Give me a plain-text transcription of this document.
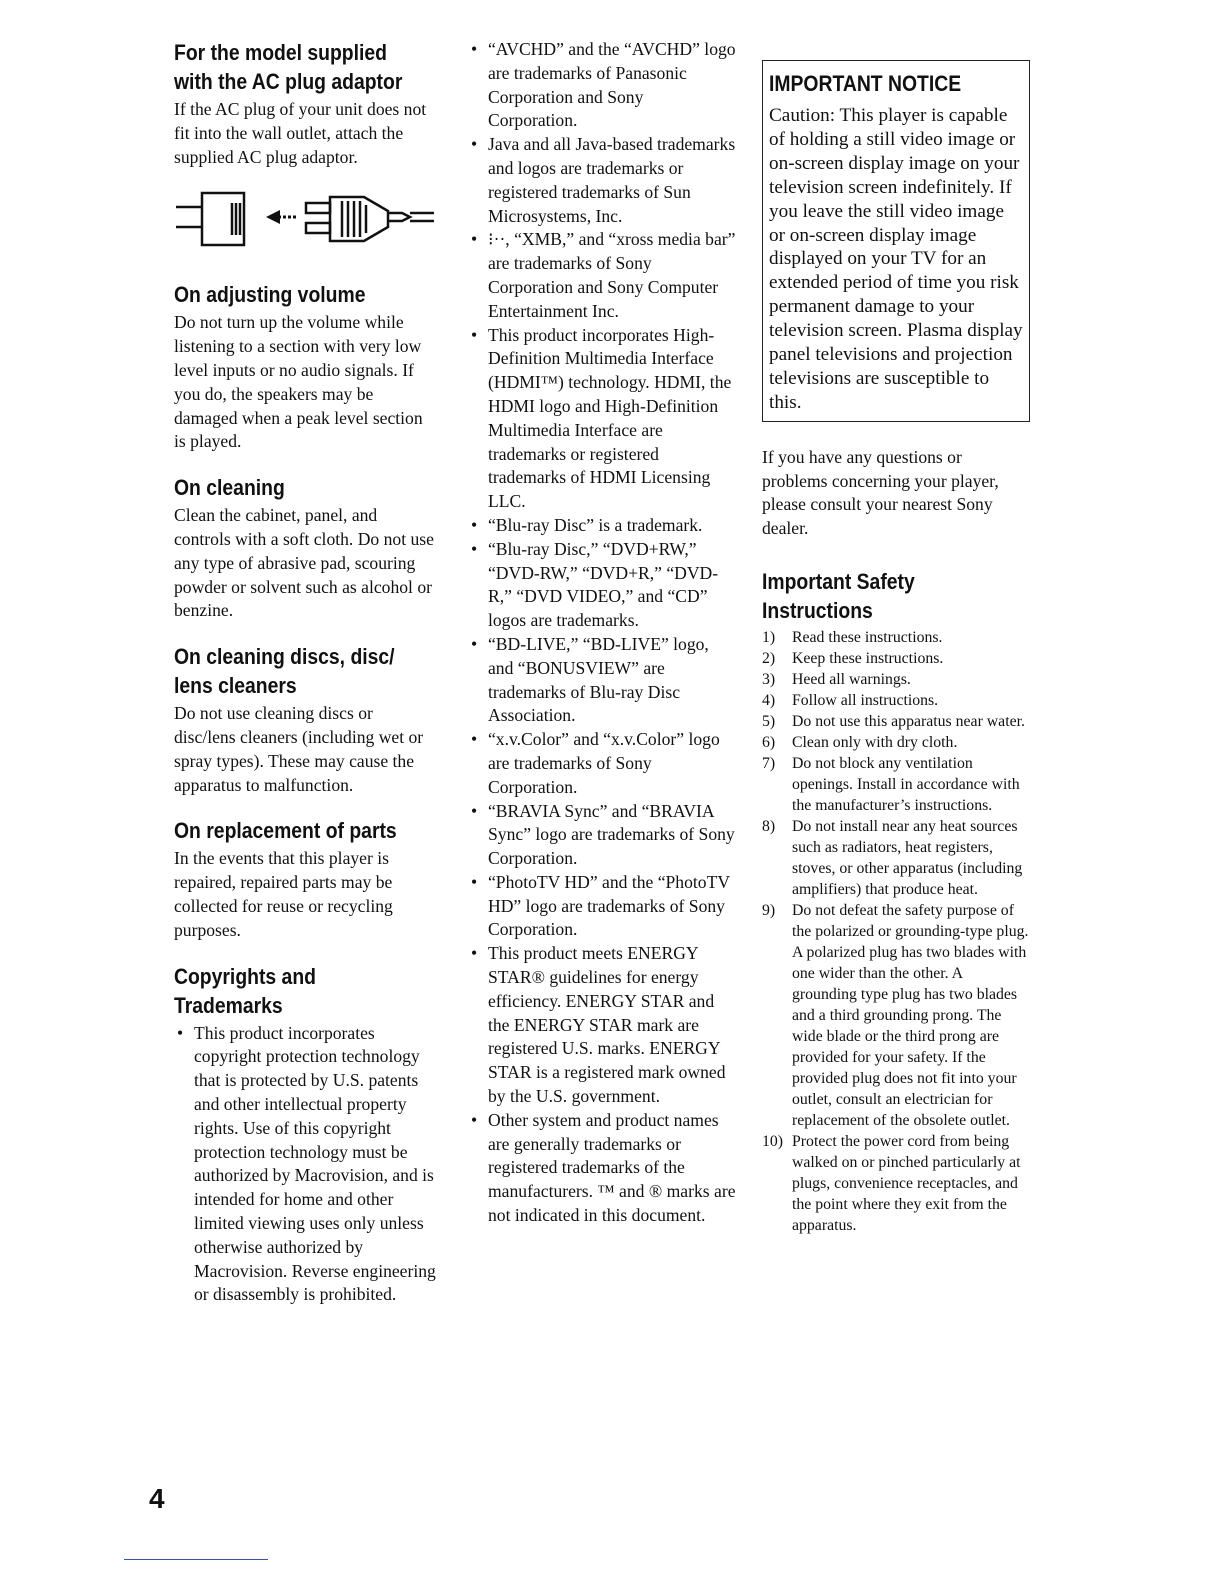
For the model supplied with the AC plug adaptor

If the AC plug of your unit does not fit into the wall outlet, attach the supplied AC plug adaptor.

On adjusting volume

Do not turn up the volume while listening to a section with very low level inputs or no audio signals. If you do, the speakers may be damaged when a peak level section is played.

On cleaning

Clean the cabinet, panel, and controls with a soft cloth. Do not use any type of abrasive pad, scouring powder or solvent such as alcohol or benzine.

On cleaning discs, disc/ lens cleaners

Do not use cleaning discs or disc/lens cleaners (including wet or spray types). These may cause the apparatus to malfunction.

On replacement of parts

In the events that this player is repaired, repaired parts may be collected for reuse or recycling purposes.

Copyrights and Trademarks
• This product incorporates copyright protection technology that is protected by U.S. patents and other intellectual property rights. Use of this copyright protection technology must be authorized by Macrovision, and is intended for home and other limited viewing uses only unless otherwise authorized by Macrovision. Reverse engineering or disassembly is prohibited.
• “AVCHD” and the “AVCHD” logo are trademarks of Panasonic Corporation and Sony Corporation.
• Java and all Java-based trademarks and logos are trademarks or registered trademarks of Sun Microsystems, Inc.
• ⁝··, “XMB,” and “xross media bar” are trademarks of Sony Corporation and Sony Computer Entertainment Inc.
• This product incorporates High-Definition Multimedia Interface (HDMI™) technology. HDMI, the HDMI logo and High-Definition Multimedia Interface are trademarks or registered trademarks of HDMI Licensing LLC.
• “Blu-ray Disc” is a trademark.
• “Blu-ray Disc,” “DVD+RW,” “DVD-RW,” “DVD+R,” “DVD-R,” “DVD VIDEO,” and “CD” logos are trademarks.
• “BD-LIVE,” “BD-LIVE” logo, and “BONUSVIEW” are trademarks of Blu-ray Disc Association.
• “x.v.Color” and “x.v.Color” logo are trademarks of Sony Corporation.
• “BRAVIA Sync” and “BRAVIA Sync” logo are trademarks of Sony Corporation.
• “PhotoTV HD” and the “PhotoTV HD” logo are trademarks of Sony Corporation.
• This product meets ENERGY STAR® guidelines for energy efficiency. ENERGY STAR and the ENERGY STAR mark are registered U.S. marks. ENERGY STAR is a registered mark owned by the U.S. government.
• Other system and product names are generally trademarks or registered trademarks of the manufacturers. ™ and ® marks are not indicated in this document.
IMPORTANT NOTICE

Caution: This player is capable of holding a still video image or on-screen display image on your television screen indefinitely. If you leave the still video image or on-screen display image displayed on your TV for an extended period of time you risk permanent damage to your television screen. Plasma display panel televisions and projection televisions are susceptible to this.

If you have any questions or problems concerning your player, please consult your nearest Sony dealer.

Important Safety Instructions
1)	Read these instructions.
2)	Keep these instructions.
3)	Heed all warnings.
4)	Follow all instructions.
5)	Do not use this apparatus near water.
6)	Clean only with dry cloth.
7)	Do not block any ventilation openings. Install in accordance with the manufacturer’s instructions.
8)	Do not install near any heat sources such as radiators, heat registers, stoves, or other apparatus (including amplifiers) that produce heat.
9)	Do not defeat the safety purpose of the polarized or grounding-type plug. A polarized plug has two blades with one wider than the other. A grounding type plug has two blades and a third grounding prong. The wide blade or the third prong are provided for your safety. If the provided plug does not fit into your outlet, consult an electrician for replacement of the obsolete outlet.
10) Protect the power cord from being walked on or pinched particularly at plugs, convenience receptacles, and the point where they exit from the apparatus.
4
